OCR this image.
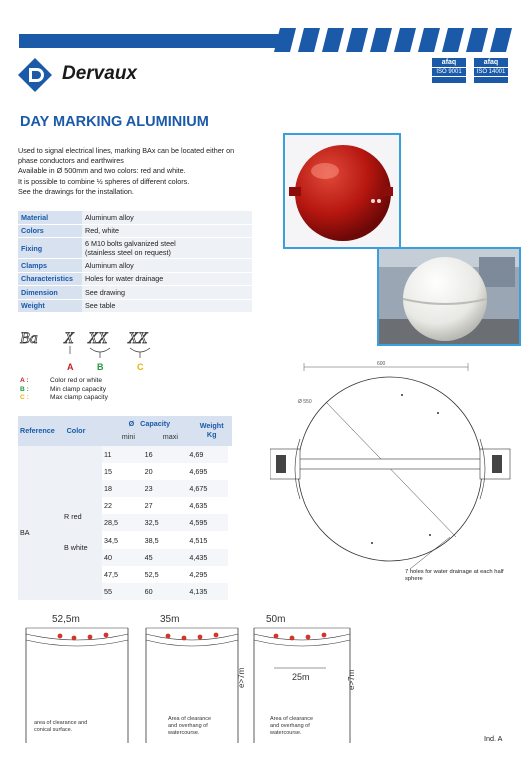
Dervaux
afaq
ISO 9001
afaq
ISO 14001
DAY MARKING ALUMINIUM
Used to signal electrical lines, marking BAx can be located either on
phase conductors and earthwires
Available in Ø 500mm and two colors: red and white.
It is possible to combine ½ spheres of different colors.
See the drawings for the installation.
Material	Aluminum alloy
Colors	Red, white
Fixing	6 M10 bolts galvanized steel
(stainless steel on request)

Clamps	Aluminum alloy
Characteristics	Holes for water drainage
Dimension	See drawing
Weight	See table
Ba X XX XX
A	B	C
A :	Color red or white
B :	Min clamp capacity
C :	Max clamp capacity
Reference	Color
Ø Capacity
mini	maxi
Weight
Kg
BA
R red
B white
11	16	4,69
15	20	4,695
18	23	4,675
22	27	4,635
28,5	32,5	4,595
34,5	38,5	4,515
40	45	4,435
47,5	52,5	4,295
55	60	4,135
600
Ø 550
7 holes for water drainage at each half sphere
52,5m
area of clearance and
conical surface.
35m
e>7m
Area of clearance
and overhang of
watercourse.
50m
25m	e>7m
Area of clearance
and overhang of
watercourse.
Ind. A
